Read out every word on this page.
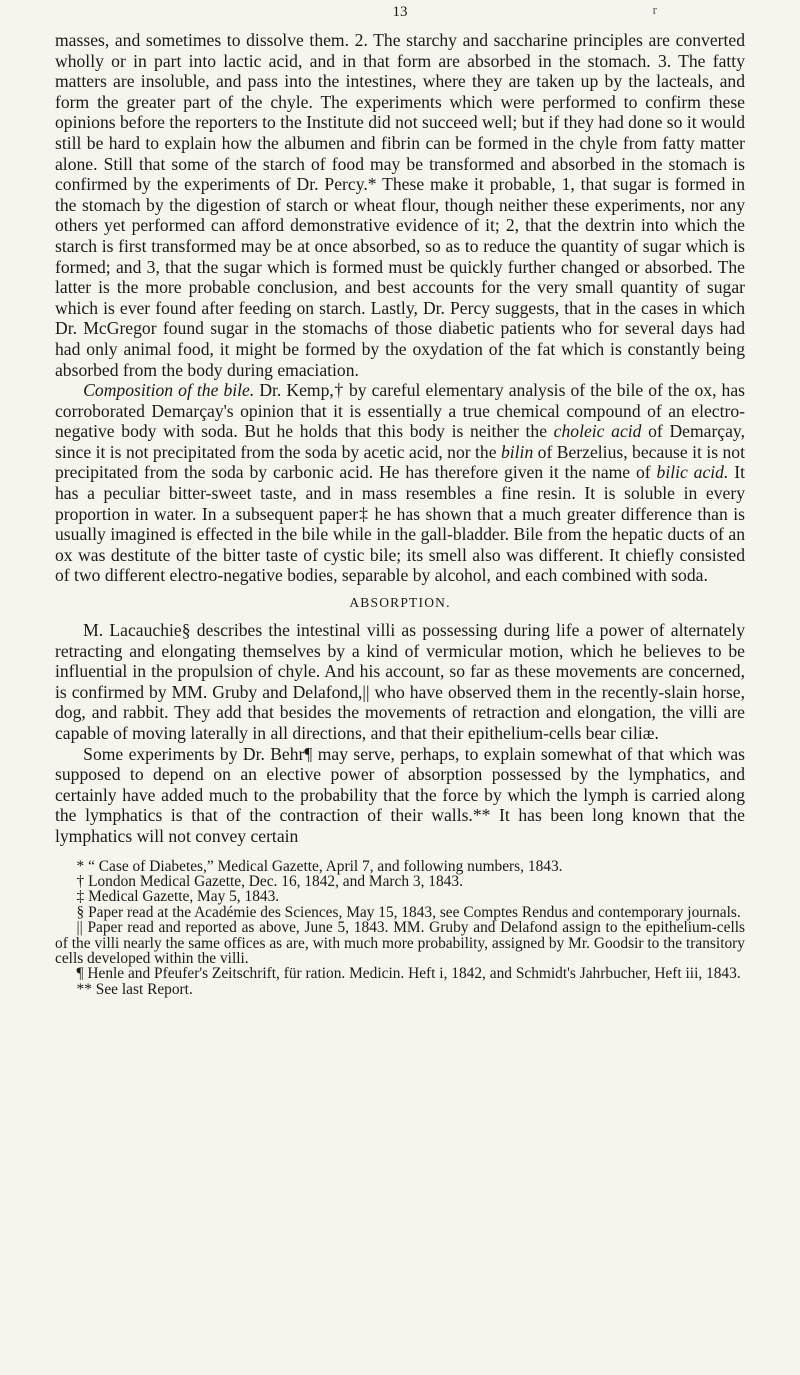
13	r

masses, and sometimes to dissolve them. 2. The starchy and saccharine principles are converted wholly or in part into lactic acid, and in that form are absorbed in the stomach. 3. The fatty matters are insoluble, and pass into the intestines, where they are taken up by the lacteals, and form the greater part of the chyle. The experiments which were performed to confirm these opinions before the reporters to the Institute did not succeed well; but if they had done so it would still be hard to explain how the albumen and fibrin can be formed in the chyle from fatty matter alone. Still that some of the starch of food may be transformed and absorbed in the stomach is confirmed by the experiments of Dr. Percy.* These make it probable, 1, that sugar is formed in the stomach by the digestion of starch or wheat flour, though neither these experiments, nor any others yet performed can afford demonstrative evidence of it; 2, that the dextrin into which the starch is first transformed may be at once absorbed, so as to reduce the quantity of sugar which is formed; and 3, that the sugar which is formed must be quickly further changed or absorbed. The latter is the more probable conclusion, and best accounts for the very small quantity of sugar which is ever found after feeding on starch. Lastly, Dr. Percy suggests, that in the cases in which Dr. McGregor found sugar in the stomachs of those diabetic patients who for several days had had only animal food, it might be formed by the oxydation of the fat which is constantly being absorbed from the body during emaciation.

Composition of the bile. Dr. Kemp,† by careful elementary analysis of the bile of the ox, has corroborated Demarçay's opinion that it is essentially a true chemical compound of an electro-negative body with soda. But he holds that this body is neither the choleic acid of Demarçay, since it is not precipitated from the soda by acetic acid, nor the bilin of Berzelius, because it is not precipitated from the soda by carbonic acid. He has therefore given it the name of bilic acid. It has a peculiar bitter-sweet taste, and in mass resembles a fine resin. It is soluble in every proportion in water. In a subsequent paper‡ he has shown that a much greater difference than is usually imagined is effected in the bile while in the gall-bladder. Bile from the hepatic ducts of an ox was destitute of the bitter taste of cystic bile; its smell also was different. It chiefly consisted of two different electro-negative bodies, separable by alcohol, and each combined with soda.

ABSORPTION.

M. Lacauchie§ describes the intestinal villi as possessing during life a power of alternately retracting and elongating themselves by a kind of vermicular motion, which he believes to be influential in the propulsion of chyle. And his account, so far as these movements are concerned, is confirmed by MM. Gruby and Delafond,|| who have observed them in the recently-slain horse, dog, and rabbit. They add that besides the movements of retraction and elongation, the villi are capable of moving laterally in all directions, and that their epithelium-cells bear ciliæ.

Some experiments by Dr. Behr¶ may serve, perhaps, to explain somewhat of that which was supposed to depend on an elective power of absorption possessed by the lymphatics, and certainly have added much to the probability that the force by which the lymph is carried along the lymphatics is that of the contraction of their walls.** It has been long known that the lymphatics will not convey certain

* “ Case of Diabetes,” Medical Gazette, April 7, and following numbers, 1843.

† London Medical Gazette, Dec. 16, 1842, and March 3, 1843.

‡ Medical Gazette, May 5, 1843.

§ Paper read at the Académie des Sciences, May 15, 1843, see Comptes Rendus and contemporary journals.

|| Paper read and reported as above, June 5, 1843. MM. Gruby and Delafond assign to the epithelium-cells of the villi nearly the same offices as are, with much more probability, assigned by Mr. Goodsir to the transitory cells developed within the villi.

¶ Henle and Pfeufer's Zeitschrift, für ration. Medicin. Heft i, 1842, and Schmidt's Jahrbucher, Heft iii, 1843.

** See last Report.
